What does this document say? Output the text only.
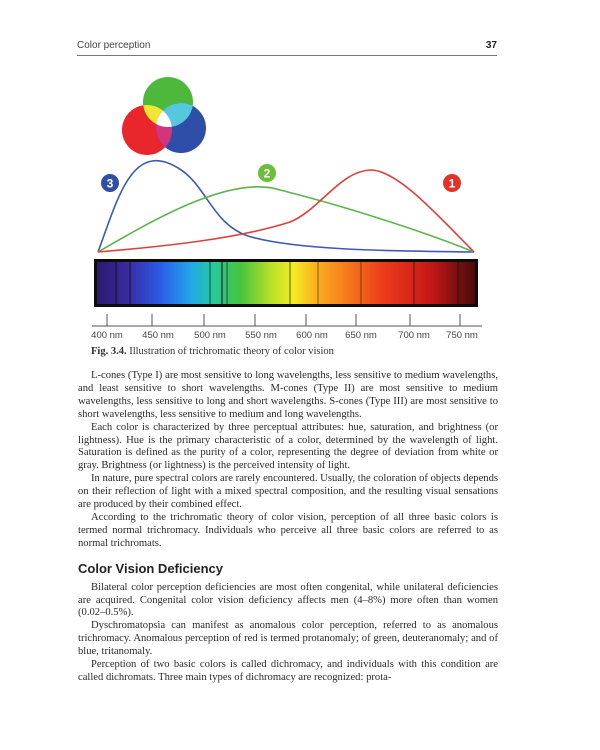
Color perception	37
3
2
1
400 nm 450 nm 500 nm 550 nm 600 nm 650 nm 700 nm 750 nm
Fig. 3.4. Illustration of trichromatic theory of color vision

L-cones (Type I) are most sensitive to long wavelengths, less sensitive to medium wavelengths, and least sensitive to short wavelengths. M-cones (Type II) are most sensitive to medium wavelengths, less sensitive to long and short wavelengths. S-cones (Type III) are most sensitive to short wavelengths, less sensitive to medium and long wavelengths.

Each color is characterized by three perceptual attributes: hue, saturation, and brightness (or lightness). Hue is the primary characteristic of a color, determined by the wavelength of light. Saturation is defined as the purity of a color, representing the degree of deviation from white or gray. Brightness (or lightness) is the perceived intensity of light.

In nature, pure spectral colors are rarely encountered. Usually, the coloration of objects depends on their reflection of light with a mixed spectral composition, and the resulting visual sensations are produced by their combined effect.

According to the trichromatic theory of color vision, perception of all three basic colors is termed normal trichromacy. Individuals who perceive all three basic colors are referred to as normal trichromats.

Color Vision Deficiency

Bilateral color perception deficiencies are most often congenital, while unilateral deficiencies are acquired. Congenital color vision deficiency affects men (4–8%) more often than women (0.02–0.5%).

Dyschromatopsia can manifest as anomalous color perception, referred to as anomalous trichromacy. Anomalous perception of red is termed protanomaly; of green, deuteranomaly; and of blue, tritanomaly.

Perception of two basic colors is called dichromacy, and individuals with this condition are called dichromats. Three main types of dichromacy are recognized: prota-
